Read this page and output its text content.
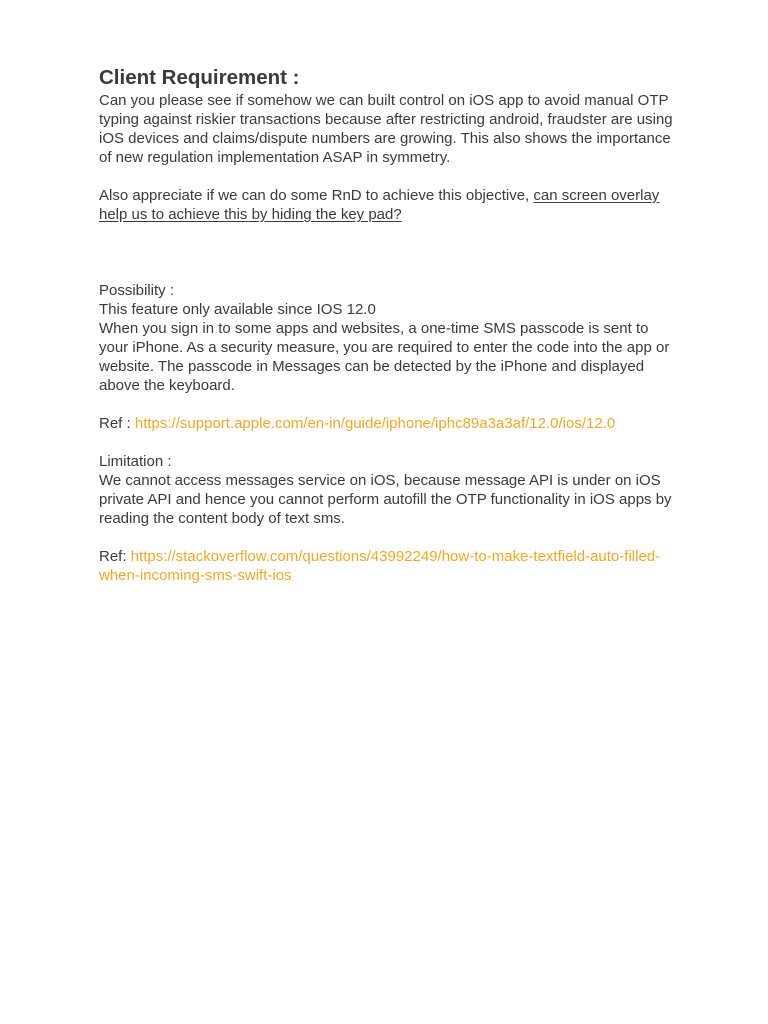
Client Requirement :

Can you please see if somehow we can built control on iOS app to avoid manual OTP typing against riskier transactions because after restricting android, fraudster are using iOS devices and claims/dispute numbers are growing. This also shows the importance of new regulation implementation ASAP in symmetry.

Also appreciate if we can do some RnD to achieve this objective, can screen overlay help us to achieve this by hiding the key pad?

Possibility :

This feature only available since IOS 12.0

When you sign in to some apps and websites, a one-time SMS passcode is sent to your iPhone. As a security measure, you are required to enter the code into the app or website. The passcode in Messages can be detected by the iPhone and displayed above the keyboard.

Ref : https://support.apple.com/en-in/guide/iphone/iphc89a3a3af/12.0/ios/12.0

Limitation :

We cannot access messages service on iOS, because message API is under on iOS private API and hence you cannot perform autofill the OTP functionality in iOS apps by reading the content body of text sms.

Ref: https://stackoverflow.com/questions/43992249/how-to-make-textfield-auto-filled-when-incoming-sms-swift-ios
